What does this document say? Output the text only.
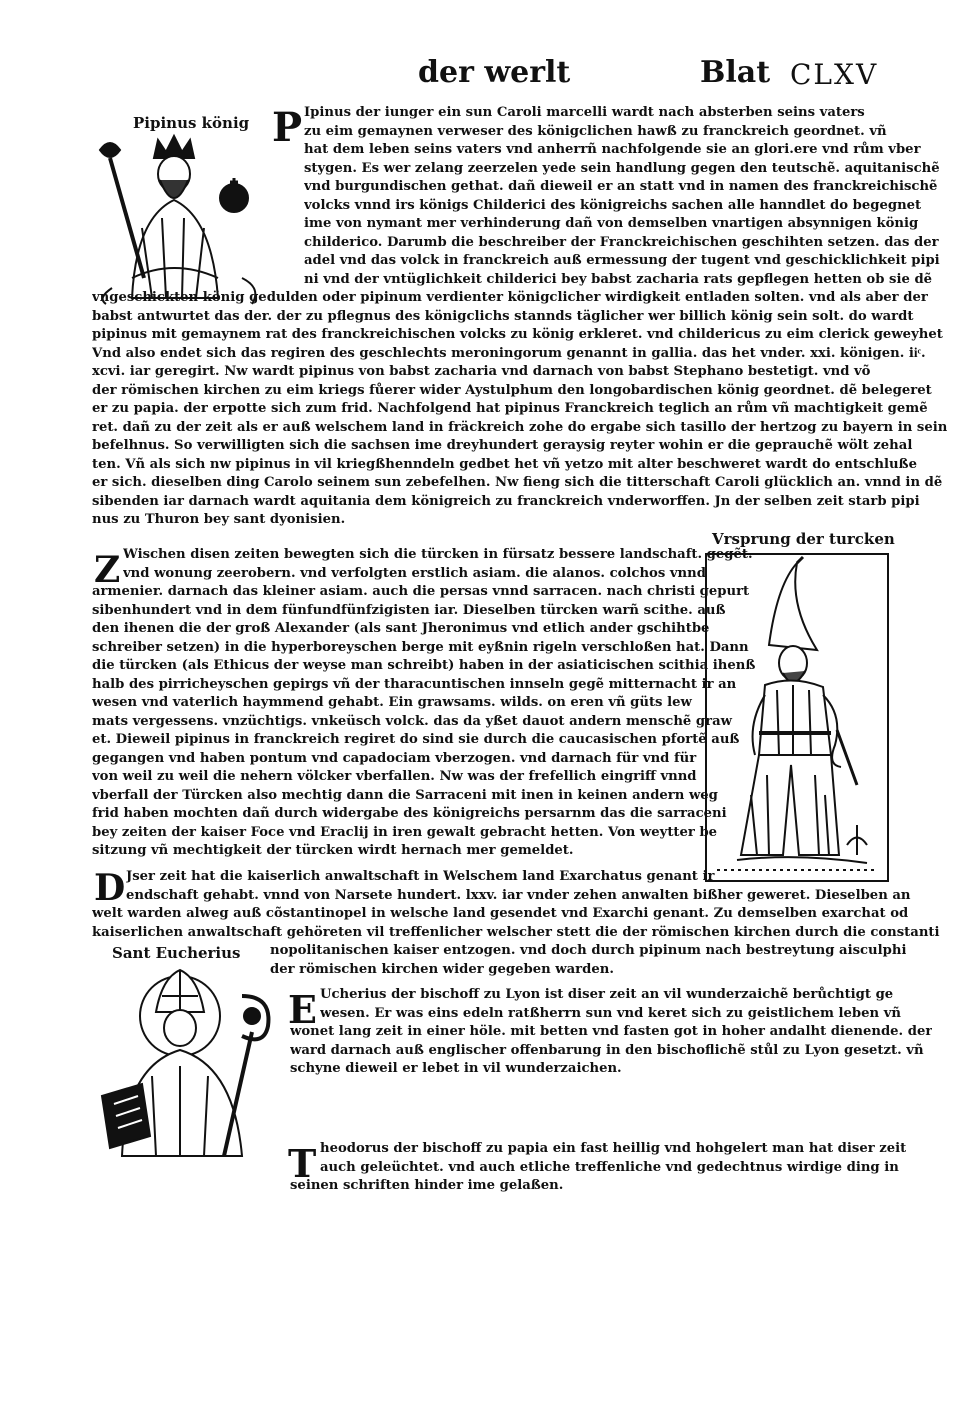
der werlt	Blat CLXV
Pipinus könig P Ipinus der iunger ein sun Caroli marcelli wardt nach absterben seins vaters
zu eim gemaynen verweser des königclichen hawß zu franckreich geordnet. vñ
hat dem leben seins vaters vnd anherrñ nachfolgende sie an glori.ere vnd rům vber
stygen. Es wer zelang zeerzelen yede sein handlung gegen den teutschẽ. aquitanischẽ
vnd burgundischen gethat. dañ dieweil er an statt vnd in namen des franckreichischẽ
volcks vnnd irs königs Childerici des königreichs sachen alle hanndlet do begegnet
ime von nymant mer verhinderung dañ von demselben vnartigen absynnigen könig
childerico. Darumb die beschreiber der Franckreichischen geschihten setzen. das der
adel vnd das volck in franckreich auß ermessung der tugent vnd geschicklichkeit pipi
ni vnd der vntüglichkeit childerici bey babst zacharia rats gepflegen hetten ob sie dẽ
vngeschickten könig gedulden oder pipinum verdienter königclicher wirdigkeit entladen solten. vnd als aber der
babst antwurtet das der. der zu pflegnus des königclichs stannds täglicher wer billich könig sein solt. do wardt
pipinus mit gemaynem rat des franckreichischen volcks zu könig erkleret. vnd childericus zu eim clerick geweyhet
Vnd also endet sich das regiren des geschlechts meroningorum genannt in gallia. das het vnder. xxi. königen. iiͨ.
xcvi. iar geregirt. Nw wardt pipinus von babst zacharia vnd darnach von babst Stephano bestetigt. vnd võ
der römischen kirchen zu eim kriegs fůerer wider Aystulphum den longobardischen könig geordnet. dẽ belegeret
er zu papia. der erpotte sich zum frid. Nachfolgend hat pipinus Franckreich teglich an rům vñ machtigkeit gemẽ
ret. dañ zu der zeit als er auß welschem land in fräckreich zohe do ergabe sich tasillo der hertzog zu bayern in sein
befelhnus. So verwilligten sich die sachsen ime dreyhundert geraysig reyter wohin er die geprauchẽ wölt zehal
ten. Vñ als sich nw pipinus in vil kriegßhenndeln gedbet het vñ yetzo mit alter beschweret wardt do entschluße
er sich. dieselben ding Carolo seinem sun zebefelhen. Nw fieng sich die titterschaft Caroli glücklich an. vnnd in dẽ
sibenden iar darnach wardt aquitania dem königreich zu franckreich vnderworffen. Jn der selben zeit starb pipi
nus zu Thuron bey sant dyonisien.
Vrsprung der turcken
Z Wischen disen zeiten bewegten sich die türcken in fürsatz bessere landschaft. gegẽt.
vnd wonung zeerobern. vnd verfolgten erstlich asiam. die alanos. colchos vnnd
armenier. darnach das kleiner asiam. auch die persas vnnd sarracen. nach christi gepurt
sibenhundert vnd in dem fünfundfünfzigisten iar. Dieselben türcken warñ scithe. auß
den ihenen die der groß Alexander (als sant Jheronimus vnd etlich ander gschihtbe
schreiber setzen) in die hyperboreyschen berge mit eyßnin rigeln verschloßen hat. Dann
die türcken (als Ethicus der weyse man schreibt) haben in der asiaticischen scithia ihenß
halb des pirricheyschen gepirgs vñ der tharacuntischen innseln gegẽ mitternacht ir an
wesen vnd vaterlich haymmend gehabt. Ein grawsams. wilds. on eren vñ güts lew
mats vergessens. vnzüchtigs. vnkeüsch volck. das da yßet dauot andern menschẽ graw
et. Dieweil pipinus in franckreich regiret do sind sie durch die caucasischen pfortẽ auß
gegangen vnd haben pontum vnd capadociam vberzogen. vnd darnach für vnd für
von weil zu weil die nehern völcker vberfallen. Nw was der frefellich eingriff vnnd
vberfall der Türcken also mechtig dann die Sarraceni mit inen in keinen andern weg
frid haben mochten dañ durch widergabe des königreichs persarnm das die sarraceni
bey zeiten der kaiser Foce vnd Eraclij in iren gewalt gebracht hetten. Von weytter be
sitzung vñ mechtigkeit der türcken wirdt hernach mer gemeldet.
D Jser zeit hat die kaiserlich anwaltschaft in Welschem land Exarchatus genant ir
endschaft gehabt. vnnd von Narsete hundert. lxxv. iar vnder zehen anwalten bißher geweret. Dieselben an
welt warden alweg auß cõstantinopel in welsche land gesendet vnd Exarchi genant. Zu demselben exarchat od
kaiserlichen anwaltschaft gehöreten vil treffenlicher welscher stett die der römischen kirchen durch die constanti
Sant Eucherius nopolitanischen kaiser entzogen. vnd doch durch pipinum nach bestreytung aisculphi
der römischen kirchen wider gegeben warden.
E Ucherius der bischoff zu Lyon ist diser zeit an vil wunderzaichẽ berůchtigt ge
wesen. Er was eins edeln ratßherrn sun vnd keret sich zu geistlichem leben vñ
wonet lang zeit in einer höle. mit betten vnd fasten got in hoher andalht dienende. der
ward darnach auß englischer offenbarung in den bischoflichẽ stůl zu Lyon gesetzt. vñ
schyne dieweil er lebet in vil wunderzaichen.
T heodorus der bischoff zu papia ein fast heillig vnd hohgelert man hat diser zeit
auch geleüchtet. vnd auch etliche treffenliche vnd gedechtnus wirdige ding in
seinen schriften hinder ime gelaßen.
